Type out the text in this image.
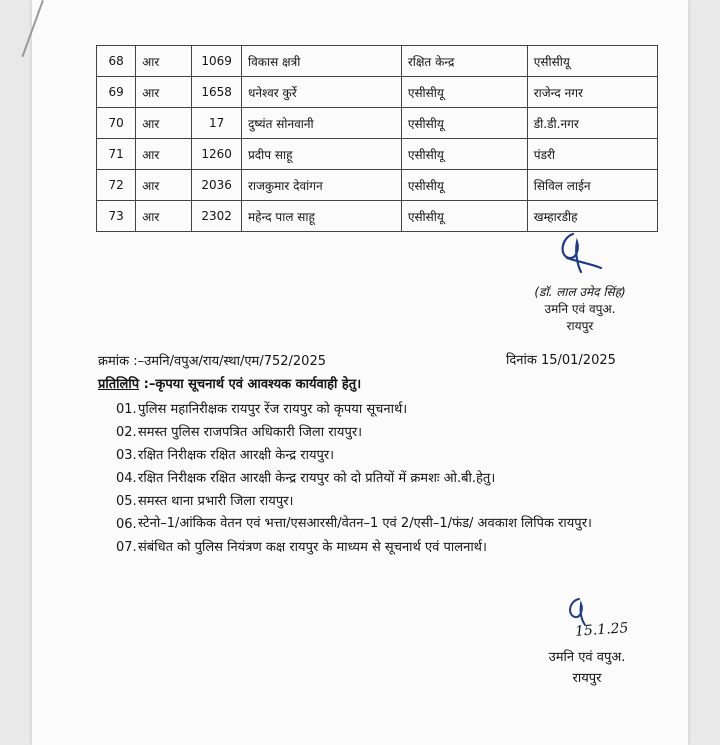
68	आर	1069	विकास क्षत्री	रक्षित केन्द्र	एसीसीयू
69	आर	1658	धनेश्वर कुर्रे	एसीसीयू	राजेन्द नगर
70	आर	17	दुष्यंत सोनवानी	एसीसीयू	डी.डी.नगर
71	आर	1260	प्रदीप साहू	एसीसीयू	पंडरी
72	आर	2036	राजकुमार देवांगन	एसीसीयू	सिविल लाईन
73	आर	2302	महेन्द पाल साहू	एसीसीयू	खम्हारडीह
(डॉ. लाल उमेद सिंह)
उमनि एवं वपुअ.
रायपुर
क्रमांक :–उमनि/वपुअ/राय/स्था/एम/752/2025	दिनांक 15/01/2025
प्रतिलिपि :–कृपया सूचनार्थ एवं आवश्यक कार्यवाही हेतु।
01. पुलिस महानिरीक्षक रायपुर रेंज रायपुर को कृपया सूचनार्थ।
02. समस्त पुलिस राजपत्रित अधिकारी जिला रायपुर।
03. रक्षित निरीक्षक रक्षित आरक्षी केन्द्र रायपुर।
04. रक्षित निरीक्षक रक्षित आरक्षी केन्द्र रायपुर को दो प्रतियों में क्रमशः ओ.बी.हेतु।
05. समस्त थाना प्रभारी जिला रायपुर।
06. स्टेनो–1/आंकिक वेतन एवं भत्ता/एसआरसी/वेतन–1 एवं 2/एसी–1/फंड/ अवकाश लिपिक रायपुर।
07. संबंधित को पुलिस नियंत्रण कक्ष रायपुर के माध्यम से सूचनार्थ एवं पालनार्थ।
15.1.25
उमनि एवं वपुअ.
रायपुर
